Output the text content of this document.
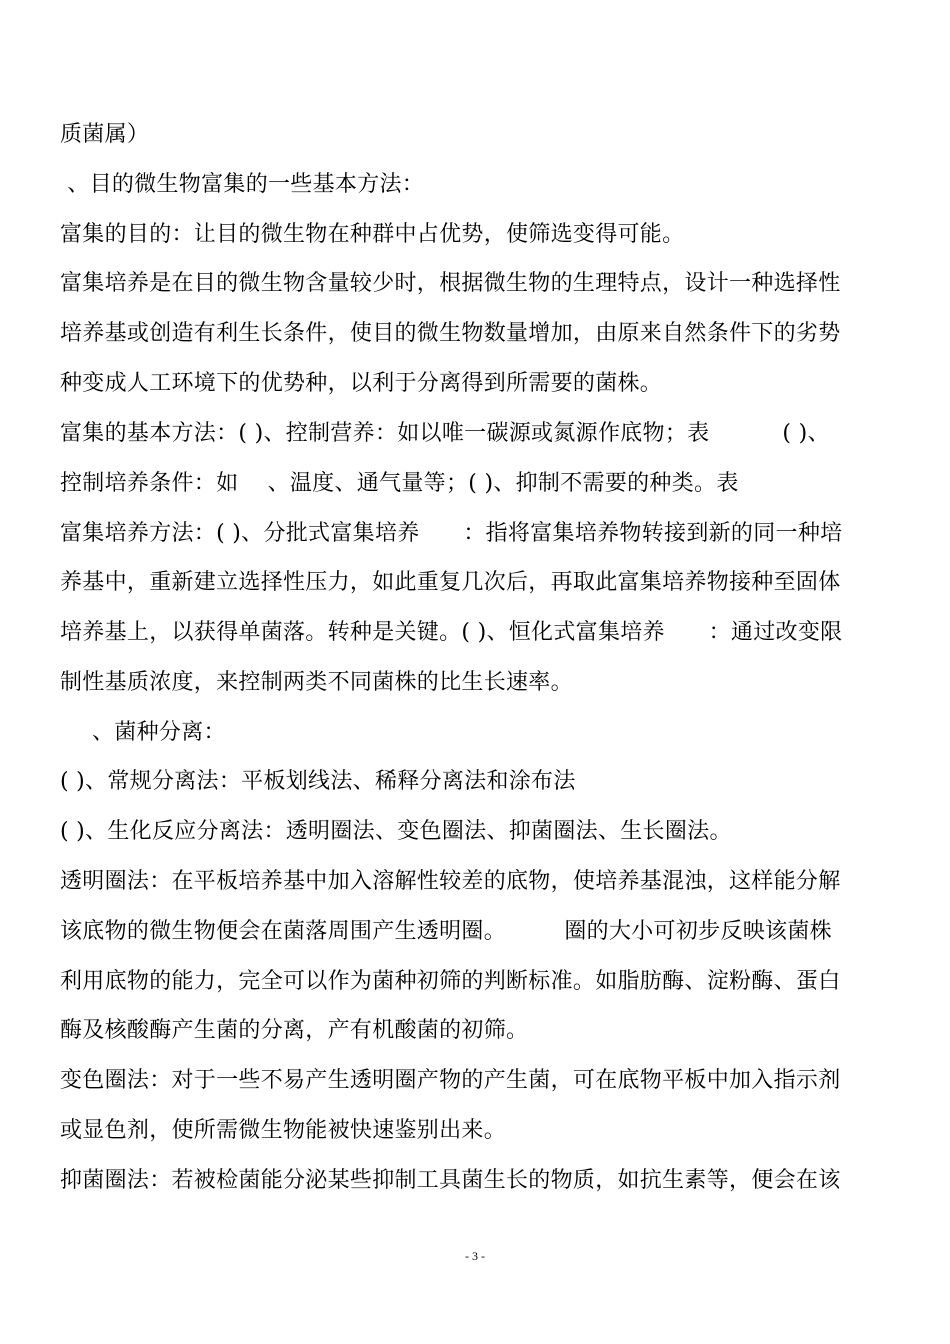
质菌属）
、目的微生物富集的一些基本方法：
富集的目的：让目的微生物在种群中占优势，使筛选变得可能。
富集培养是在目的微生物含量较少时，根据微生物的生理特点，设计一种选择性
培养基或创造有利生长条件，使目的微生物数量增加，由原来自然条件下的劣势
种变成人工环境下的优势种，以利于分离得到所需要的菌株。
富集的基本方法：( )、控制营养：如以唯一碳源或氮源作底物；表          ( )、
控制培养条件：如    、温度、通气量等；( )、抑制不需要的种类。表
富集培养方法：( )、分批式富集培养      ：指将富集培养物转接到新的同一种培
养基中，重新建立选择性压力，如此重复几次后，再取此富集培养物接种至固体
培养基上，以获得单菌落。转种是关键。( )、恒化式富集培养      ：通过改变限
制性基质浓度，来控制两类不同菌株的比生长速率。
、菌种分离：
( )、常规分离法：平板划线法、稀释分离法和涂布法
( )、生化反应分离法：透明圈法、变色圈法、抑菌圈法、生长圈法。
透明圈法：在平板培养基中加入溶解性较差的底物，使培养基混浊，这样能分解
该底物的微生物便会在菌落周围产生透明圈。        圈的大小可初步反映该菌株
利用底物的能力，完全可以作为菌种初筛的判断标准。如脂肪酶、淀粉酶、蛋白
酶及核酸酶产生菌的分离，产有机酸菌的初筛。
变色圈法：对于一些不易产生透明圈产物的产生菌，可在底物平板中加入指示剂
或显色剂，使所需微生物能被快速鉴别出来。
抑菌圈法：若被检菌能分泌某些抑制工具菌生长的物质，如抗生素等，便会在该
- 3 -
